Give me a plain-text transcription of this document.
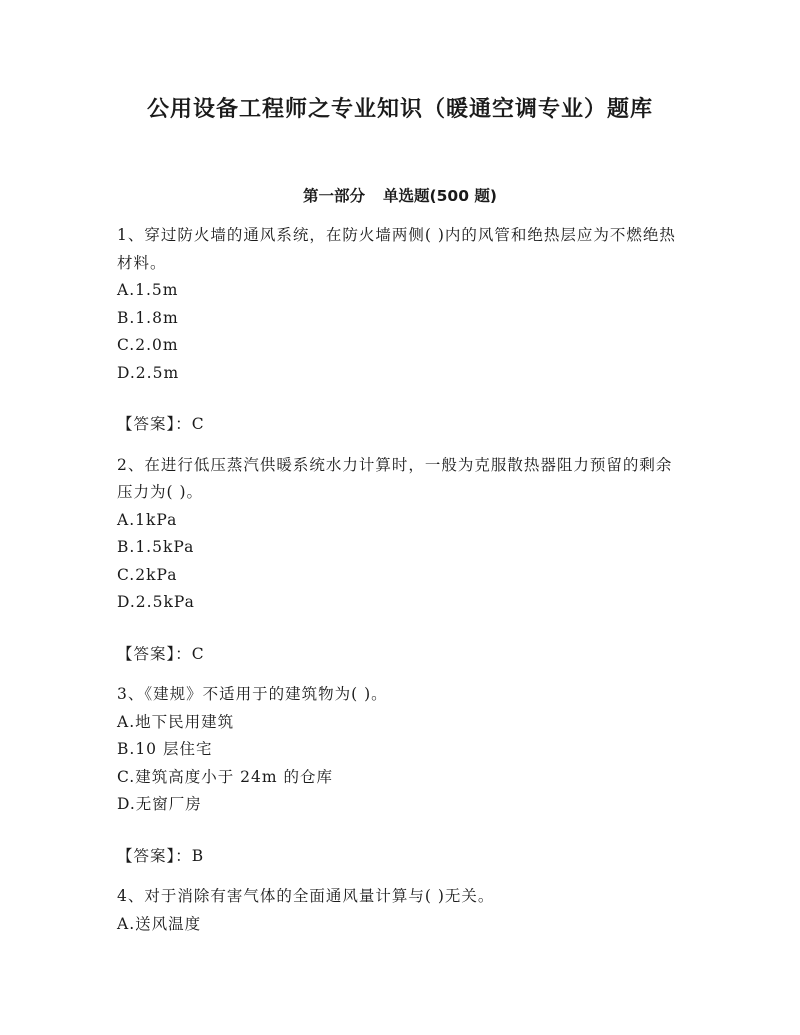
公用设备工程师之专业知识（暖通空调专业）题库
第一部分 单选题(500 题)

1、穿过防火墙的通风系统，在防火墙两侧( )内的风管和绝热层应为不燃绝热材料。

A.1.5m
B.1.8m
C.2.0m
D.2.5m

【答案】：C

2、在进行低压蒸汽供暖系统水力计算时，一般为克服散热器阻力预留的剩余压力为( )。

A.1kPa
B.1.5kPa
C.2kPa
D.2.5kPa

【答案】：C

3、《建规》不适用于的建筑物为( )。

A.地下民用建筑
B.10 层住宅
C.建筑高度小于 24m 的仓库
D.无窗厂房

【答案】：B

4、对于消除有害气体的全面通风量计算与( )无关。

A.送风温度
